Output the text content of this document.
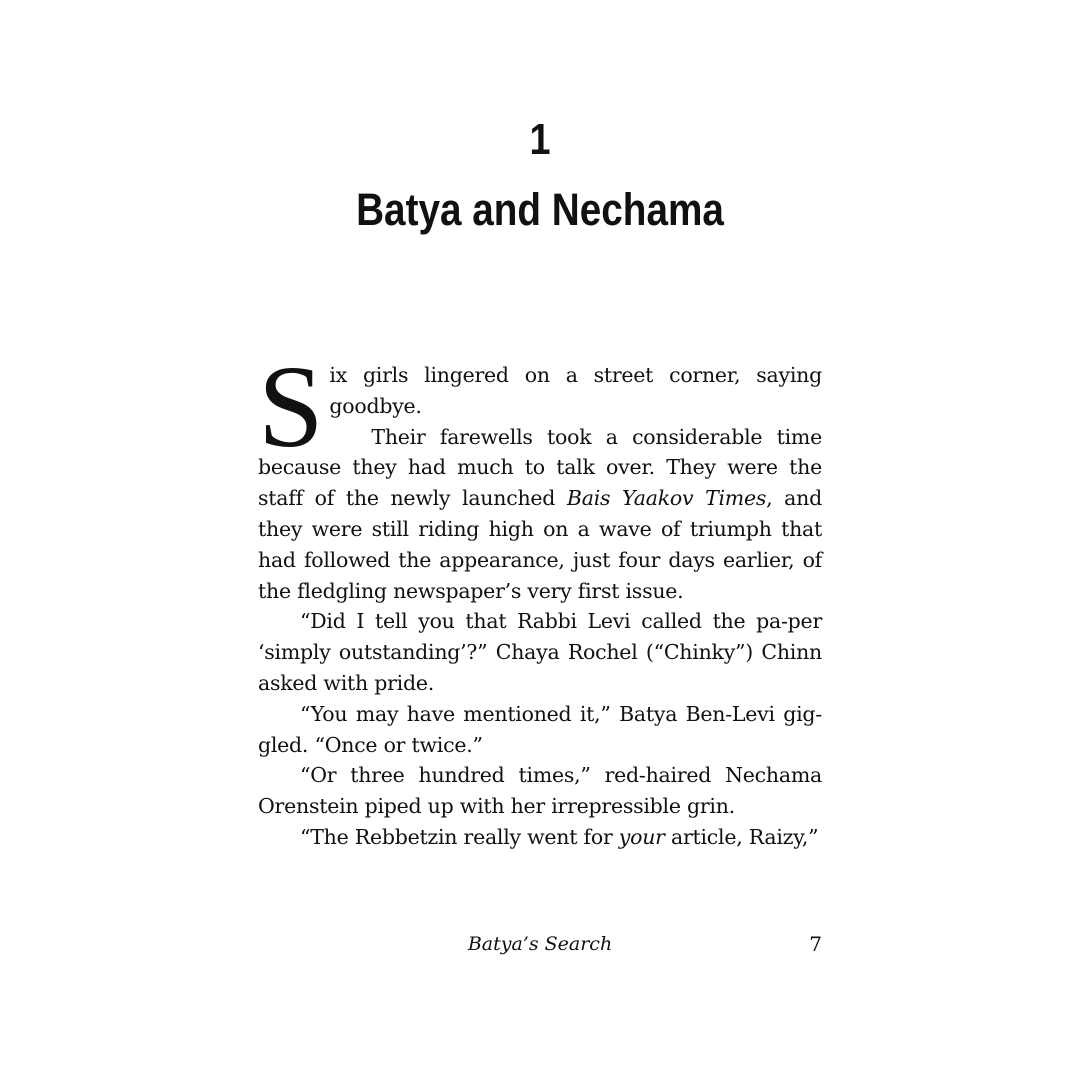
1
Batya and Nechama

Six girls lingered on a street corner, saying goodbye.

Their farewells took a considerable time because they had much to talk over. They were the staff of the newly launched Bais Yaakov Times, and they were still riding high on a wave of triumph that had followed the appearance, just four days earlier, of the fledgling newspaper’s very first issue.

“Did I tell you that Rabbi Levi called the pa-per ‘simply outstanding’?” Chaya Rochel (“Chinky”) Chinn asked with pride.

“You may have mentioned it,” Batya Ben-Levi gig-gled. “Once or twice.”

“Or three hundred times,” red-haired Nechama Orenstein piped up with her irrepressible grin.

“The Rebbetzin really went for your article, Raizy,”

Batya’s Search	7
